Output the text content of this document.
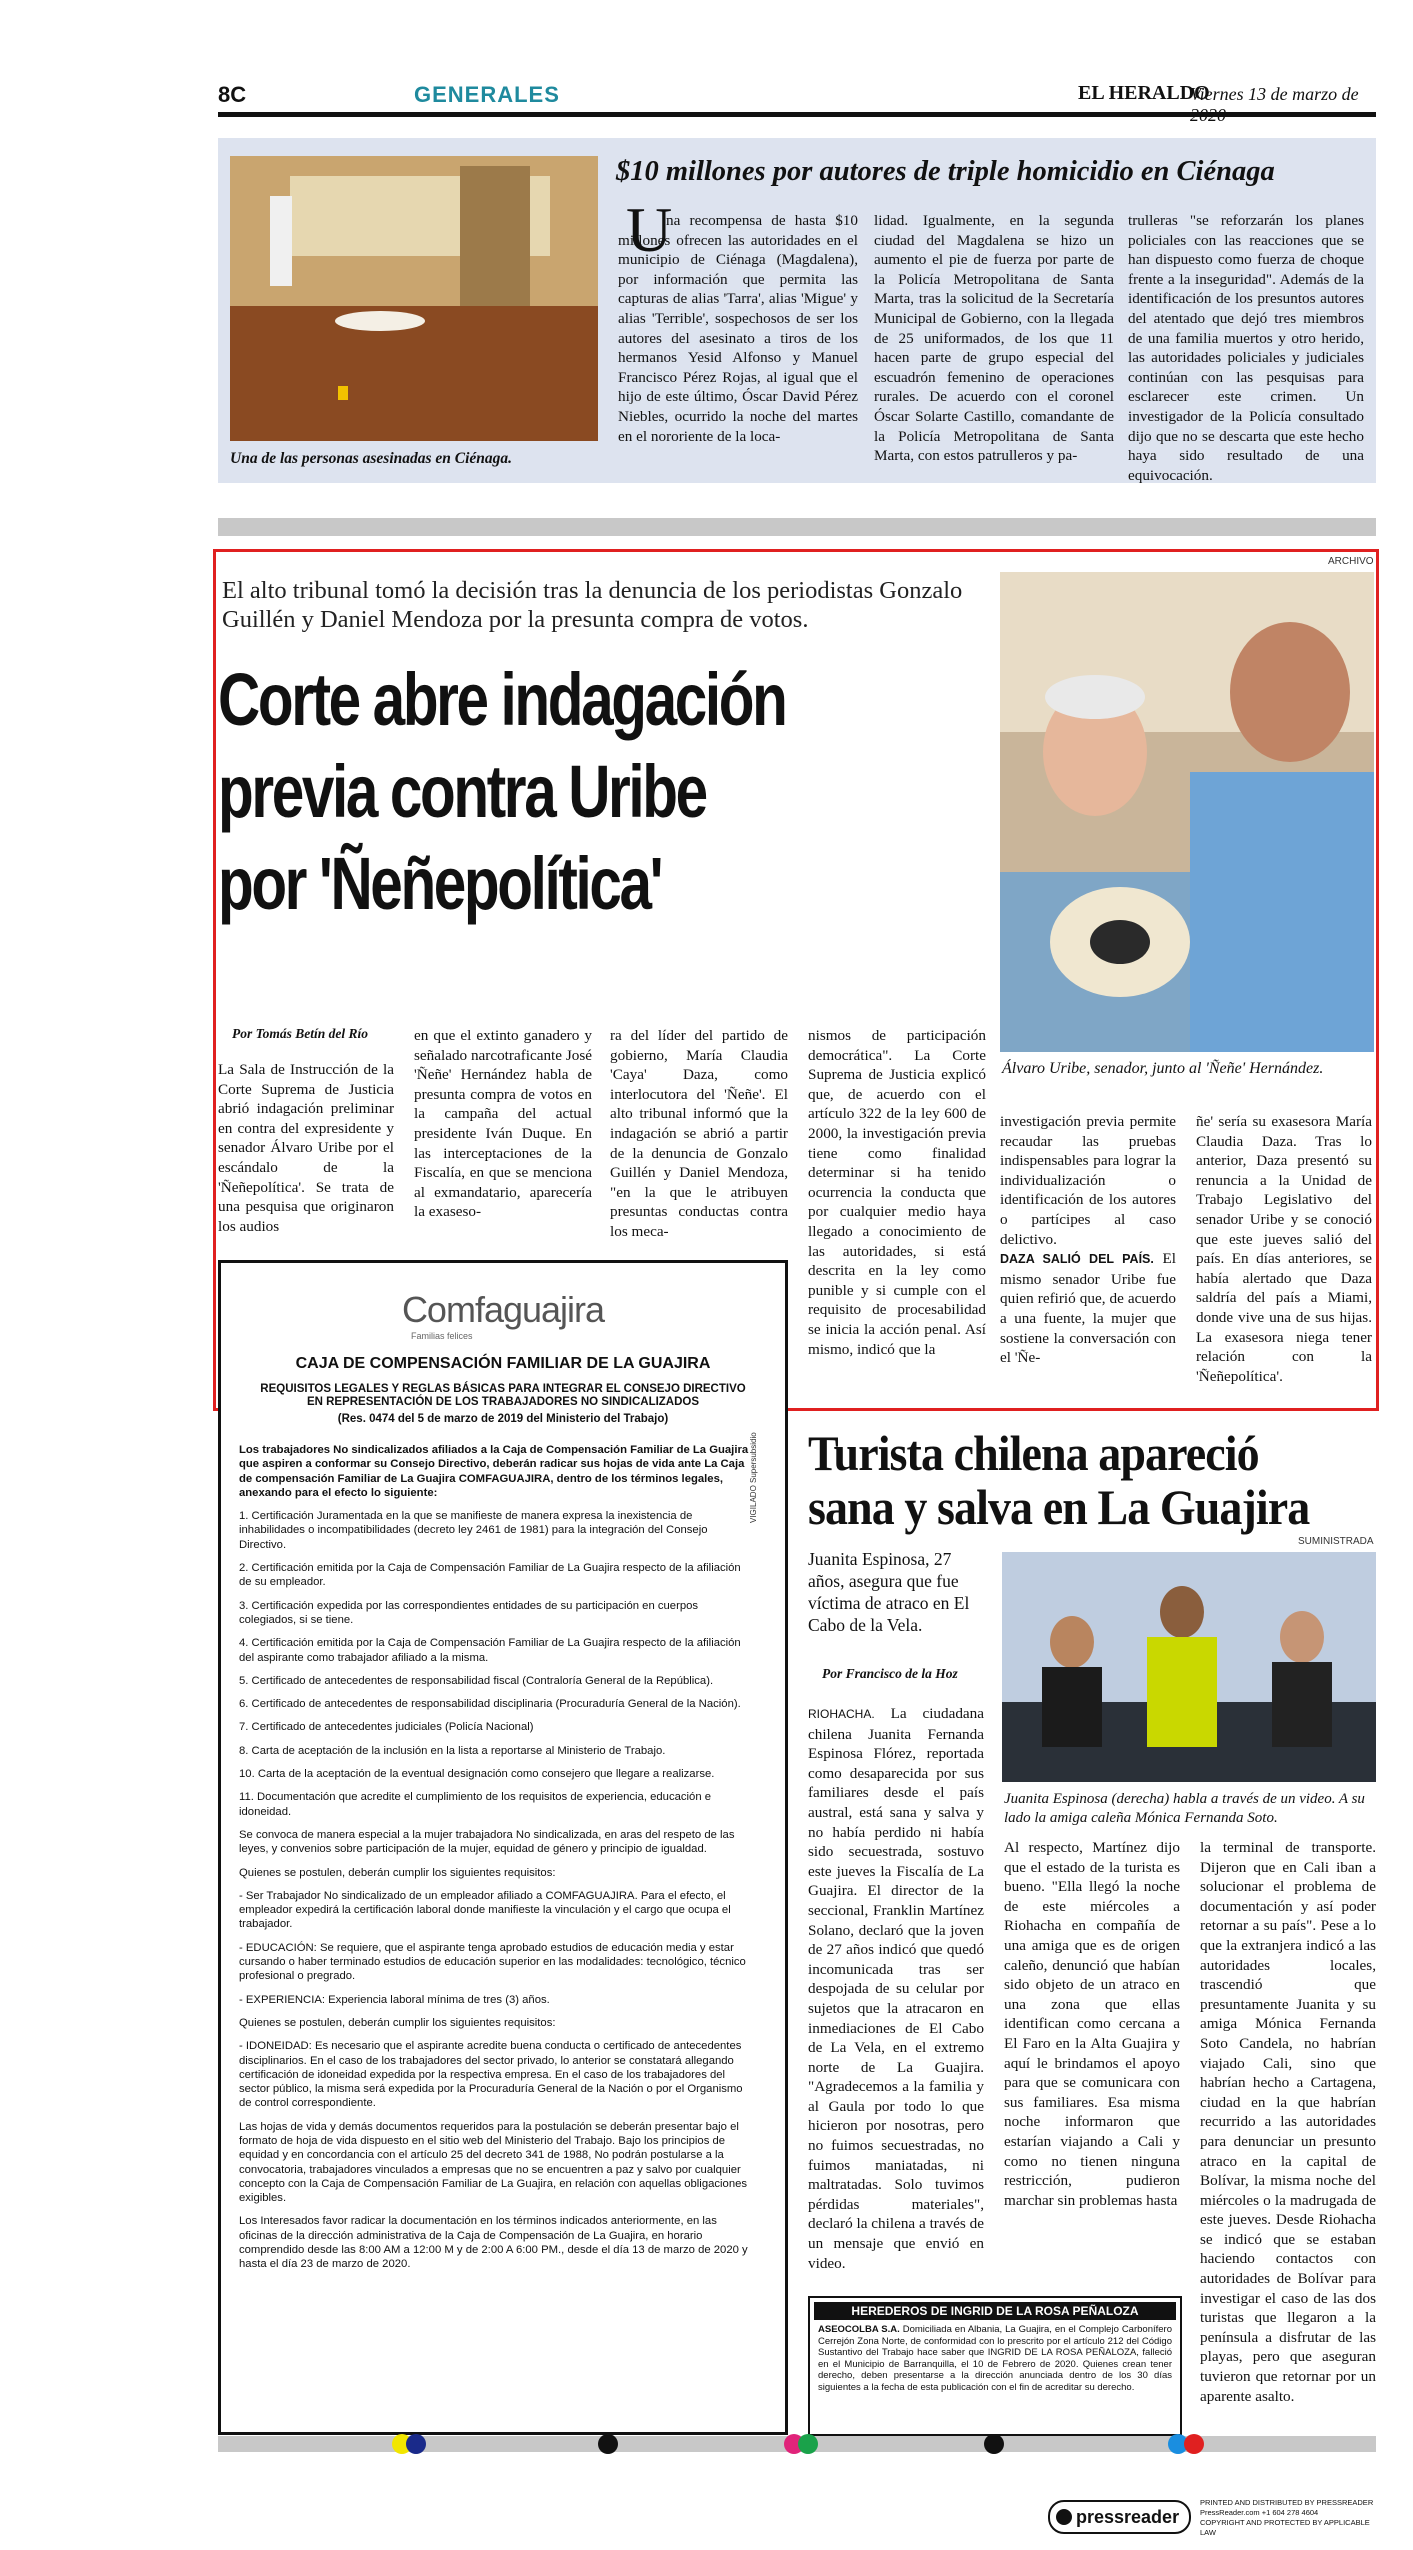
8C	GENERALES	EL HERALDO
Viernes 13 de marzo de
Una de las personas asesinadas en Ciénaga.
$10 millones por autores de triple homicidio en Ciénaga
U

na recompensa de hasta $10 millones ofrecen las autoridades en el municipio de Ciénaga (Magdalena), por información que permita las capturas de alias 'Tarra', alias 'Migue' y alias 'Terrible', sospechosos de ser los autores del asesinato a tiros de los hermanos Yesid Alfonso y Manuel Francisco Pérez Rojas, al igual que el hijo de este último, Óscar David Pérez Niebles, ocurrido la noche del martes en el nororiente de la loca-

lidad. Igualmente, en la segunda ciudad del Magdalena se hizo un aumento el pie de fuerza por parte de la Policía Metropolitana de Santa Marta, tras la solicitud de la Secretaría Municipal de Gobierno, con la llegada de 25 uniformados, de los que 11 hacen parte de grupo especial del escuadrón femenino de operaciones rurales. De acuerdo con el coronel Óscar Solarte Castillo, comandante de la Policía Metropolitana de Santa Marta, con estos patrulleros y pa-

trulleras "se reforzarán los planes policiales con las reacciones que se han dispuesto como fuerza de choque frente a la inseguridad". Además de la identificación de los presuntos autores del atentado que dejó tres miembros de una familia muertos y otro herido, las autoridades policiales y judiciales continúan con las pesquisas para esclarecer este crimen. Un investigador de la Policía consultado dijo que no se descarta que este hecho haya sido resultado de una equivocación.

El alto tribunal tomó la decisión tras la denuncia de los periodistas Gonzalo Guillén y Daniel Mendoza por la presunta compra de votos.
Corte abre indagación
previa contra Uribe
por 'Ñeñepolítica'
ARCHIVO
Álvaro Uribe, senador, junto al 'Ñeñe' Hernández.
Por Tomás Betín del Río

La Sala de Instrucción de la Corte Suprema de Justicia abrió indagación preliminar en contra del expresidente y senador Álvaro Uribe por el escándalo de la 'Ñeñepolítica'. Se trata de una pesquisa que originaron los audios

en que el extinto ganadero y señalado narcotraficante José 'Ñeñe' Hernández habla de presunta compra de votos en la campaña del actual presidente Iván Duque. En las interceptaciones de la Fiscalía, en que se menciona al exmandatario, aparecería la exaseso-

ra del líder del partido de gobierno, María Claudia 'Caya' Daza, como interlocutora del 'Ñeñe'. El alto tribunal informó que la indagación se abrió a partir de la denuncia de Gonzalo Guillén y Daniel Mendoza, "en la que le atribuyen presuntas conductas contra los meca-

nismos de participación democrática". La Corte Suprema de Justicia explicó que, de acuerdo con el artículo 322 de la ley 600 de 2000, la investigación previa tiene como finalidad determinar si ha tenido ocurrencia la conducta que por cualquier medio haya llegado a conocimiento de las autoridades, si está descrita en la ley como punible y si cumple con el requisito de procesabilidad se inicia la acción penal. Así mismo, indicó que la

investigación previa permite recaudar las pruebas indispensables para lograr la individualización o identificación de los autores o partícipes al caso delictivo.

DAZA SALIÓ DEL PAÍS. El mismo senador Uribe fue quien refirió que, de acuerdo a una fuente, la mujer que sostiene la conversación con el 'Ñe-

ñe' sería su exasesora María Claudia Daza. Tras lo anterior, Daza presentó su renuncia a la Unidad de Trabajo Legislativo del senador Uribe y se conoció que este jueves salió del país. En días anteriores, se había alertado que Daza saldría del país a Miami, donde vive una de sus hijas. La exasesora niega tener relación con la 'Ñeñepolítica'.

Comfaguajira
Familias felices
CAJA DE COMPENSACIÓN FAMILIAR DE LA GUAJIRA
REQUISITOS LEGALES Y REGLAS BÁSICAS PARA INTEGRAR EL CONSEJO DIRECTIVO EN REPRESENTACIÓN DE LOS TRABAJADORES NO SINDICALIZADOS
(Res. 0474 del 5 de marzo de 2019 del Ministerio del Trabajo)
VIGILADO Supersubsidio

Los trabajadores No sindicalizados afiliados a la Caja de Compensación Familiar de La Guajira que aspiren a conformar su Consejo Directivo, deberán radicar sus hojas de vida ante La Caja de compensación Familiar de La Guajira COMFAGUAJIRA, dentro de los términos legales, anexando para el efecto lo siguiente:

1. Certificación Juramentada en la que se manifieste de manera expresa la inexistencia de inhabilidades o incompatibilidades (decreto ley 2461 de 1981) para la integración del Consejo Directivo.

2. Certificación emitida por la Caja de Compensación Familiar de La Guajira respecto de la afiliación de su empleador.

3. Certificación expedida por las correspondientes entidades de su participación en cuerpos colegiados, si se tiene.

4. Certificación emitida por la Caja de Compensación Familiar de La Guajira respecto de la afiliación del aspirante como trabajador afiliado a la misma.

5. Certificado de antecedentes de responsabilidad fiscal (Contraloría General de la República).

6. Certificado de antecedentes de responsabilidad disciplinaria (Procuraduría General de la Nación).

7. Certificado de antecedentes judiciales (Policía Nacional)

8. Carta de aceptación de la inclusión en la lista a reportarse al Ministerio de Trabajo.

10. Carta de la aceptación de la eventual designación como consejero que llegare a realizarse.

11. Documentación que acredite el cumplimiento de los requisitos de experiencia, educación e idoneidad.

Se convoca de manera especial a la mujer trabajadora No sindicalizada, en aras del respeto de las leyes, y convenios sobre participación de la mujer, equidad de género y principio de igualdad.

Quienes se postulen, deberán cumplir los siguientes requisitos:

- Ser Trabajador No sindicalizado de un empleador afiliado a COMFAGUAJIRA. Para el efecto, el empleador expedirá la certificación laboral donde manifieste la vinculación y el cargo que ocupa el trabajador.

- EDUCACIÓN: Se requiere, que el aspirante tenga aprobado estudios de educación media y estar cursando o haber terminado estudios de educación superior en las modalidades: tecnológico, técnico profesional o pregrado.

- EXPERIENCIA: Experiencia laboral mínima de tres (3) años.

Quienes se postulen, deberán cumplir los siguientes requisitos:

- IDONEIDAD: Es necesario que el aspirante acredite buena conducta o certificado de antecedentes disciplinarios. En el caso de los trabajadores del sector privado, lo anterior se constatará allegando certificación de idoneidad expedida por la respectiva empresa. En el caso de los trabajadores del sector público, la misma será expedida por la Procuraduría General de la Nación o por el Organismo de control correspondiente.

Las hojas de vida y demás documentos requeridos para la postulación se deberán presentar bajo el formato de hoja de vida dispuesto en el sitio web del Ministerio del Trabajo. Bajo los principios de equidad y en concordancia con el artículo 25 del decreto 341 de 1988, No podrán postularse a la convocatoria, trabajadores vinculados a empresas que no se encuentren a paz y salvo por cualquier concepto con la Caja de Compensación Familiar de La Guajira, en relación con aquellas obligaciones exigibles.

Los Interesados favor radicar la documentación en los términos indicados anteriormente, en las oficinas de la dirección administrativa de la Caja de Compensación de La Guajira, en horario comprendido desde las 8:00 AM a 12:00 M y de 2:00 A 6:00 PM., desde el día 13 de marzo de 2020 y hasta el día 23 de marzo de 2020.

Turista chilena apareció
sana y salva en La Guajira
SUMINISTRADA
Juanita Espinosa, 27 años, asegura que fue víctima de atraco en El Cabo de la Vela.
Por Francisco de la Hoz
Juanita Espinosa (derecha) habla a través de un video. A su lado la amiga caleña Mónica Fernanda Soto.

RIOHACHA. La ciudadana chilena Juanita Fernanda Espinosa Flórez, reportada como desaparecida por sus familiares desde el país austral, está sana y salva y no había perdido ni había sido secuestrada, sostuvo este jueves la Fiscalía de La Guajira. El director de la seccional, Franklin Martínez Solano, declaró que la joven de 27 años indicó que quedó incomunicada tras ser despojada de su celular por sujetos que la atracaron en inmediaciones de El Cabo de La Vela, en el extremo norte de La Guajira. "Agradecemos a la familia y al Gaula por todo lo que hicieron por nosotras, pero no fuimos secuestradas, no fuimos maniatadas, ni maltratadas. Solo tuvimos pérdidas materiales", declaró la chilena a través de un mensaje que envió en video.

Al respecto, Martínez dijo que el estado de la turista es bueno. "Ella llegó la noche de este miércoles a Riohacha en compañía de una amiga que es de origen caleño, denunció que habían sido objeto de un atraco en una zona que ellas identifican como cercana a El Faro en la Alta Guajira y aquí le brindamos el apoyo para que se comunicara con sus familiares. Esa misma noche informaron que estarían viajando a Cali y como no tienen ninguna restricción, pudieron marchar sin problemas hasta

la terminal de transporte. Dijeron que en Cali iban a solucionar el problema de documentación y así poder retornar a su país". Pese a lo que la extranjera indicó a las autoridades locales, trascendió que presuntamente Juanita y su amiga Mónica Fernanda Soto Candela, no habrían viajado Cali, sino que habrían hecho a Cartagena, ciudad en la que habrían recurrido a las autoridades para denunciar un presunto atraco en la capital de Bolívar, la misma noche del miércoles o la madrugada de este jueves. Desde Riohacha se indicó que se estaban haciendo contactos con autoridades de Bolívar para investigar el caso de las dos turistas que llegaron a la península a disfrutar de las playas, pero que aseguran tuvieron que retornar por un aparente asalto.

HEREDEROS DE INGRID DE LA ROSA PEÑALOZA
ASEOCOLBA S.A. Domiciliada en Albania, La Guajira, en el Complejo Carbonífero Cerrejón Zona Norte, de conformidad con lo prescrito por el artículo 212 del Código Sustantivo del Trabajo hace saber que INGRID DE LA ROSA PEÑALOZA, falleció en el Municipio de Barranquilla, el 10 de Febrero de 2020. Quienes crean tener derecho, deben presentarse a la dirección anunciada dentro de los 30 días siguientes a la fecha de esta publicación con el fin de acreditar su derecho.
pressreader
PRINTED AND DISTRIBUTED BY PRESSREADER
PressReader.com +1 604 278 4604
COPYRIGHT AND PROTECTED BY APPLICABLE LAW
